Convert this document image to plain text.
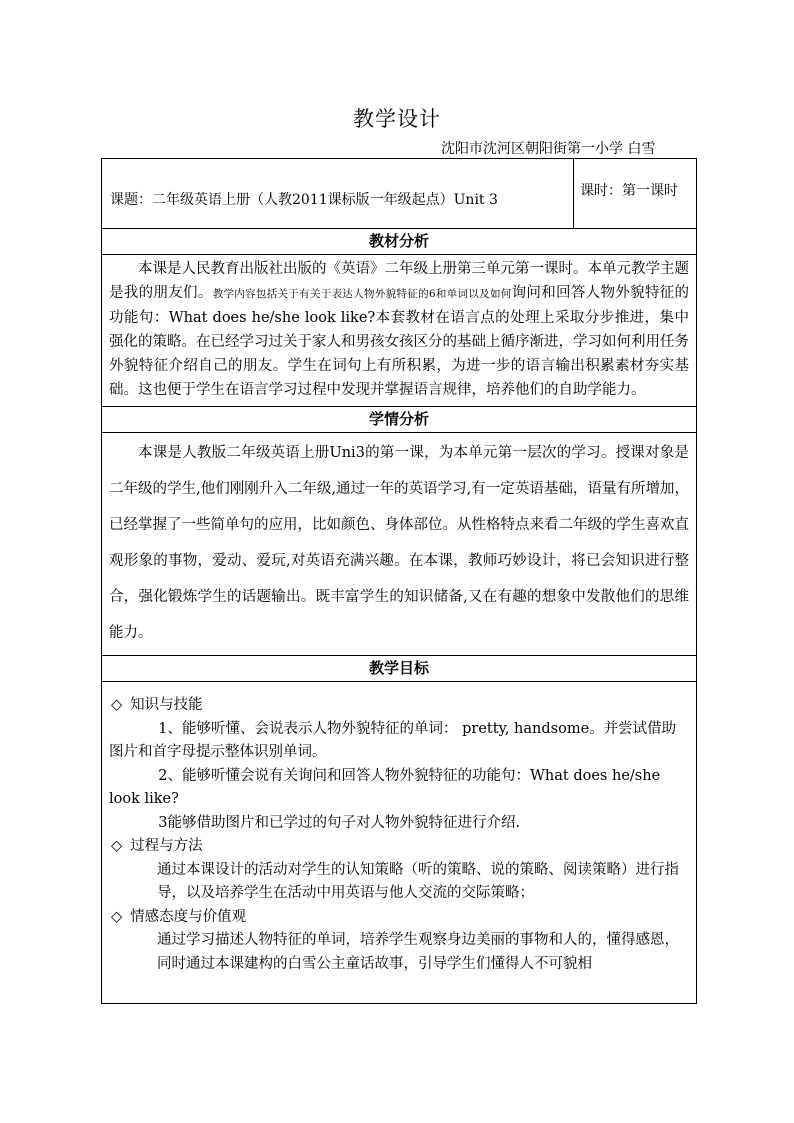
教学设计
沈阳市沈河区朝阳街第一小学 白雪
课题：二年级英语上册（人教2011课标版一年级起点）Unit 3	课时：第一课时
教材分析

本课是人民教育出版社出版的《英语》二年级上册第三单元第一课时。本单元教学主题是我的朋友们。教学内容包括关于有关于表达人物外貌特征的6和单词以及如何询问和回答人物外貌特征的功能句：What does he/she look like?本套教材在语言点的处理上采取分步推进，集中强化的策略。在已经学习过关于家人和男孩女孩区分的基础上循序渐进，学习如何利用任务外貌特征介绍自己的朋友。学生在词句上有所积累，为进一步的语言输出积累素材夯实基础。这也便于学生在语言学习过程中发现并掌握语言规律，培养他们的自助学能力。

学情分析

本课是人教版二年级英语上册Uni3的第一课，为本单元第一层次的学习。授课对象是二年级的学生,他们刚刚升入二年级,通过一年的英语学习,有一定英语基础，语量有所增加，已经掌握了一些简单句的应用，比如颜色、身体部位。从性格特点来看二年级的学生喜欢直观形象的事物，爱动、爱玩,对英语充满兴趣。在本课，教师巧妙设计，将已会知识进行整合，强化锻炼学生的话题输出。既丰富学生的知识储备,又在有趣的想象中发散他们的思维能力。

教学目标

◇ 知识与技能

1、能够听懂、会说表示人物外貌特征的单词： pretty, handsome。并尝试借助图片和首字母提示整体识别单词。

2、能够听懂会说有关询问和回答人物外貌特征的功能句：What does he/she look like?

3能够借助图片和已学过的句子对人物外貌特征进行介绍.

◇ 过程与方法

通过本课设计的活动对学生的认知策略（听的策略、说的策略、阅读策略）进行指导，以及培养学生在活动中用英语与他人交流的交际策略；

◇ 情感态度与价值观

通过学习描述人物特征的单词，培养学生观察身边美丽的事物和人的，懂得感恩，同时通过本课建构的白雪公主童话故事，引导学生们懂得人不可貌相
